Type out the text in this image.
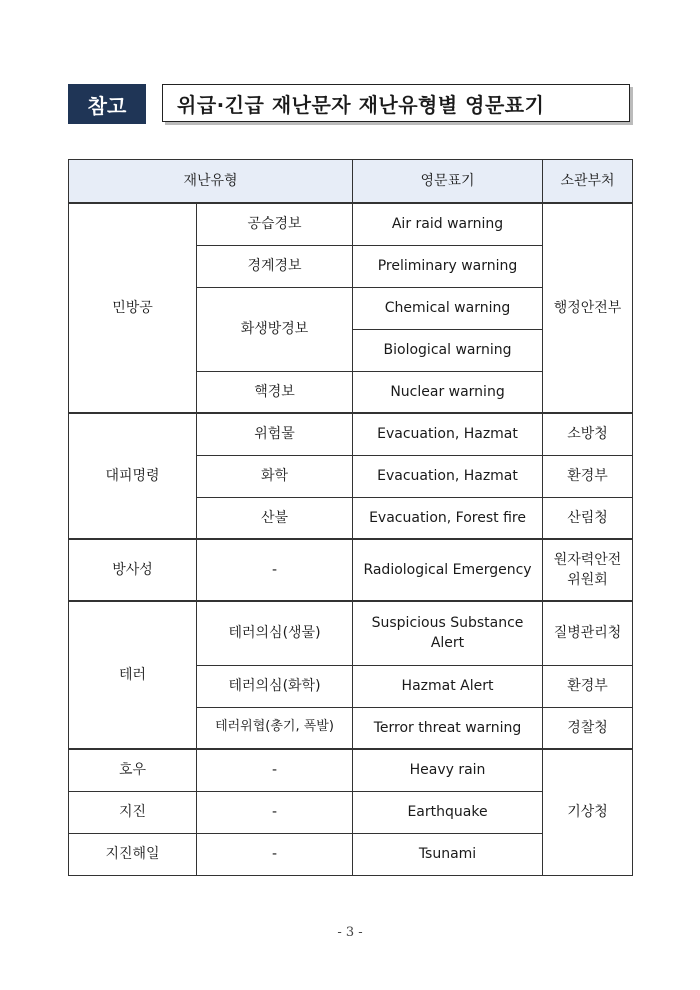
참고	위급·긴급 재난문자 재난유형별 영문표기
재난유형		영문표기	소관부처
민방공	공습경보	Air raid warning	행정안전부
	경계경보	Preliminary warning	
	화생방경보	Chemical warning	
		Biological warning	
	핵경보	Nuclear warning	
대피명령	위험물	Evacuation, Hazmat	소방청
	화학	Evacuation, Hazmat	환경부
	산불	Evacuation, Forest fire	산림청
방사성	-	Radiological Emergency	원자력안전위원회
테러	테러의심(생물)	Suspicious Substance Alert	질병관리청
	테러의심(화학)	Hazmat Alert	환경부
	테러위협(총기, 폭발)	Terror threat warning	경찰청
호우	-	Heavy rain	기상청
지진	-	Earthquake	
지진해일	-	Tsunami	
- 3 -
